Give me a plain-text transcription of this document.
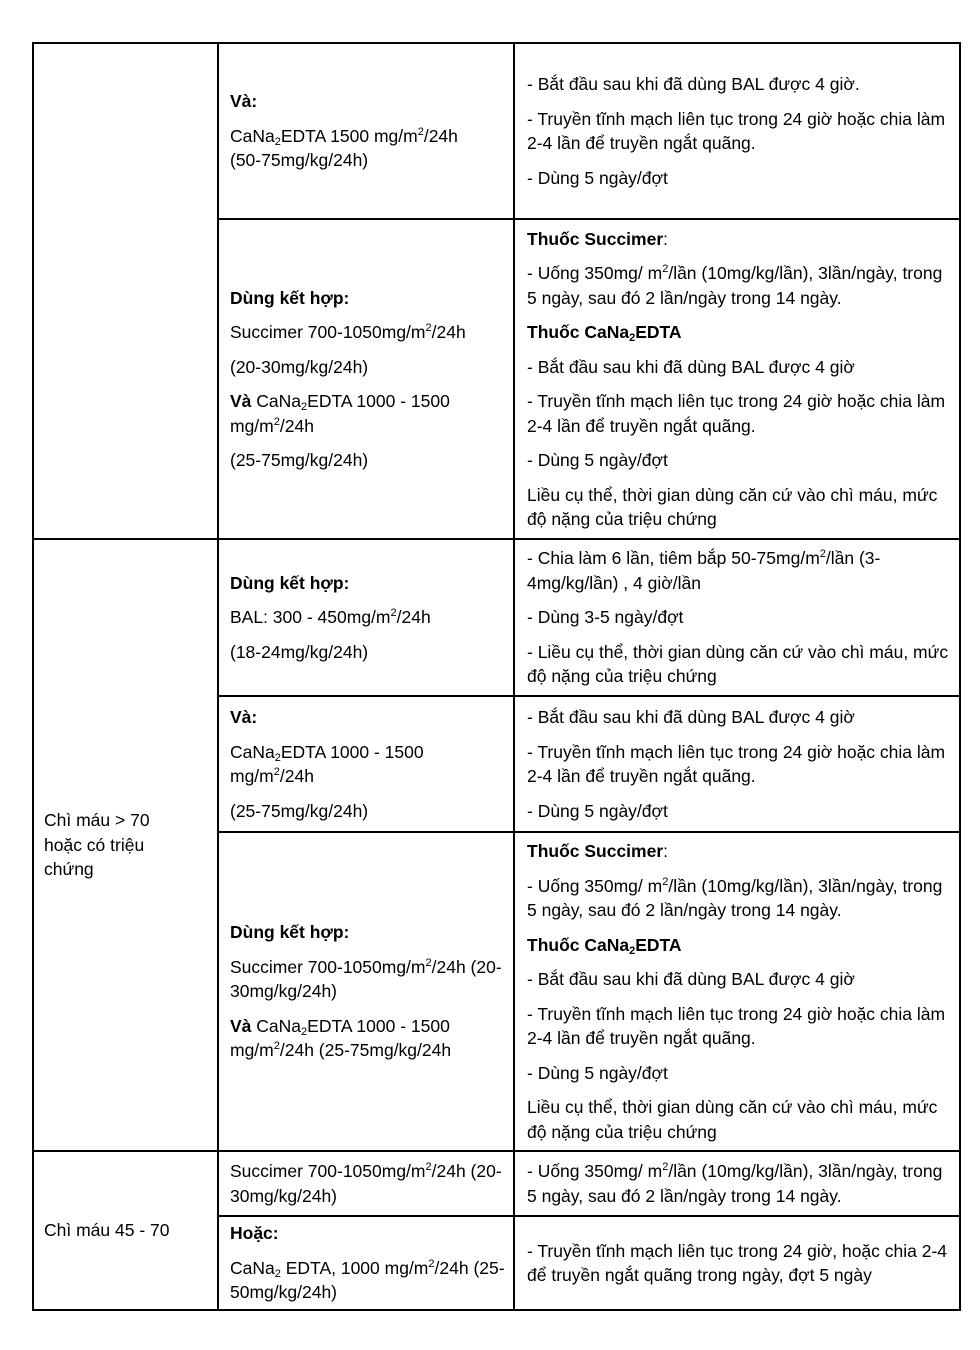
Và:

CaNa$_2$EDTA 1500 $mg/m^2/24h$
(50-75mg/kg/24h)

- Bắt đầu sau khi đã dùng BAL được 4 giờ.

- Truyền tĩnh mạch liên tục trong 24 giờ hoặc chia làm 2-4 lần để truyền ngắt quãng.

- Dùng 5 ngày/đợt

Dùng kết hợp:

Succimer $700-1050mg/m^2/24h$

(20-30mg/kg/24h)

Và CaNa$_2$EDTA 1000 - 1500 $mg/m^2/24h$

(25-75mg/kg/24h)

Thuốc Succimer:

- Uống 350mg/ $m^2$/lần (10mg/kg/lần), 3lần/ngày, trong 5 ngày, sau đó 2 lần/ngày trong 14 ngày.

Thuốc CaNa$_2$EDTA

- Bắt đầu sau khi đã dùng BAL được 4 giờ

- Truyền tĩnh mạch liên tục trong 24 giờ hoặc chia làm 2-4 lần để truyền ngắt quãng.

- Dùng 5 ngày/đợt

Liều cụ thể, thời gian dùng căn cứ vào chì máu, mức độ nặng của triệu chứng

Chì máu > 70 hoặc có triệu chứng

Dùng kết hợp:

BAL: $300 - 450mg/m^2/24h$

(18-24mg/kg/24h)

- Chia làm 6 lần, tiêm bắp $50-75mg/m^2$/lần (3-4mg/kg/lần) , 4 giờ/lần

- Dùng 3-5 ngày/đợt

- Liều cụ thể, thời gian dùng căn cứ vào chì máu, mức độ nặng của triệu chứng

Và:

CaNa$_2$EDTA 1000 - 1500 $mg/m^2/24h$

(25-75mg/kg/24h)

- Bắt đầu sau khi đã dùng BAL được 4 giờ

- Truyền tĩnh mạch liên tục trong 24 giờ hoặc chia làm 2-4 lần để truyền ngắt quãng.

- Dùng 5 ngày/đợt

Dùng kết hợp:

Succimer $700-1050mg/m^2/24h$ (20-30mg/kg/24h)

Và CaNa$_2$EDTA 1000 - 1500 $mg/m^2/24h$ (25-75mg/kg/24h

Thuốc Succimer:

- Uống 350mg/ $m^2$/lần (10mg/kg/lần), 3lần/ngày, trong 5 ngày, sau đó 2 lần/ngày trong 14 ngày.

Thuốc CaNa$_2$EDTA

- Bắt đầu sau khi đã dùng BAL được 4 giờ

- Truyền tĩnh mạch liên tục trong 24 giờ hoặc chia làm 2-4 lần để truyền ngắt quãng.

- Dùng 5 ngày/đợt

Liều cụ thể, thời gian dùng căn cứ vào chì máu, mức độ nặng của triệu chứng

Chì máu 45 - 70

Succimer $700-1050mg/m^2/24h$ (20-30mg/kg/24h)

- Uống 350mg/ $m^2$/lần (10mg/kg/lần), 3lần/ngày, trong 5 ngày, sau đó 2 lần/ngày trong 14 ngày.

Hoặc:

CaNa$_2$ EDTA, 1000 $mg/m^2/24h$ (25-50mg/kg/24h)

- Truyền tĩnh mạch liên tục trong 24 giờ, hoặc chia 2-4 để truyền ngắt quãng trong ngày, đợt 5 ngày
